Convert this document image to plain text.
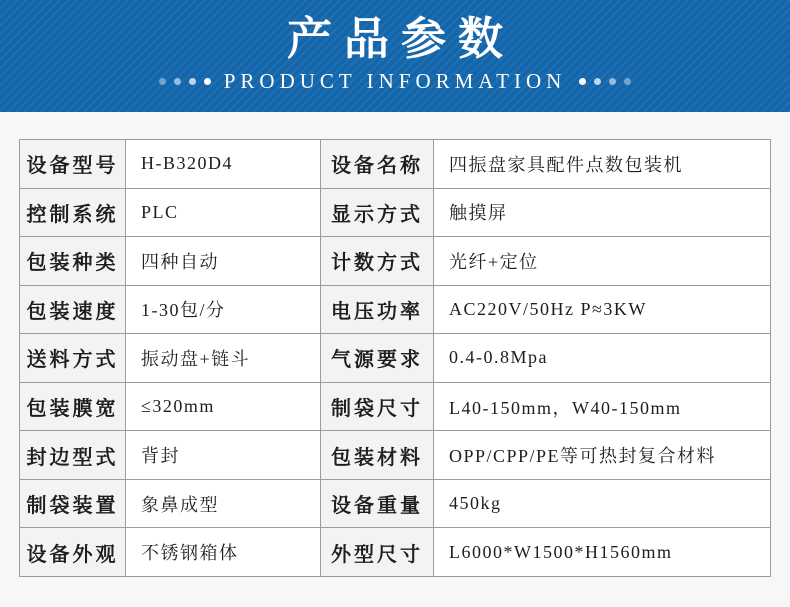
产品参数
PRODUCT INFORMATION
设备型号	H-B320D4	设备名称	四振盘家具配件点数包装机
控制系统	PLC	显示方式	触摸屏
包装种类	四种自动	计数方式	光纤+定位
包装速度	1-30包/分	电压功率	AC220V/50Hz P≈3KW
送料方式	振动盘+链斗	气源要求	0.4-0.8Mpa
包装膜宽	≤320mm	制袋尺寸	L40-150mm，W40-150mm
封边型式	背封	包装材料	OPP/CPP/PE等可热封复合材料
制袋装置	象鼻成型	设备重量	450kg
设备外观	不锈钢箱体	外型尺寸	L6000*W1500*H1560mm
